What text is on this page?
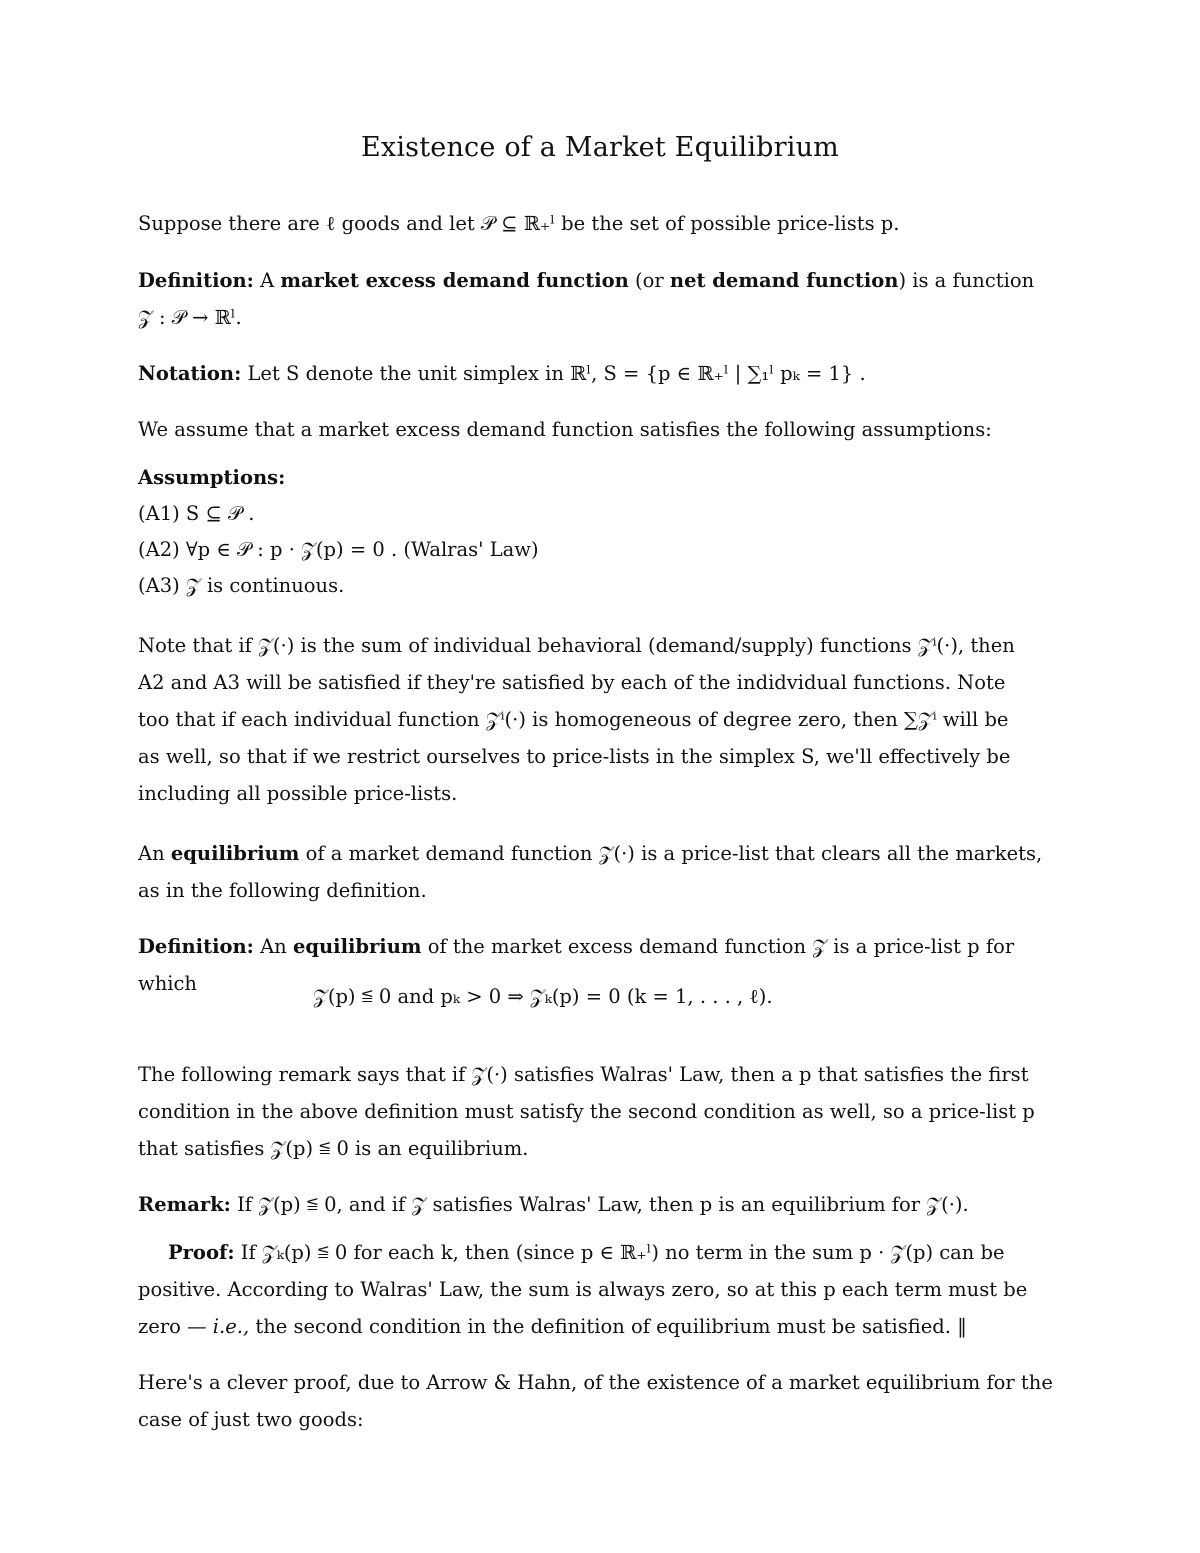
Existence of a Market Equilibrium
Suppose there are ℓ goods and let 𝒫 ⊆ ℝ₊ˡ be the set of possible price-lists p.
Definition: A market excess demand function (or net demand function) is a function
𝒵 : 𝒫 → ℝˡ.
Notation: Let S denote the unit simplex in ℝˡ, S = {p ∈ ℝ₊ˡ | ∑₁ˡ pₖ = 1} .
We assume that a market excess demand function satisfies the following assumptions:
Assumptions:
(A1) S ⊆ 𝒫 .
(A2) ∀p ∈ 𝒫 : p · 𝒵(p) = 0 . (Walras' Law)
(A3) 𝒵 is continuous.
Note that if 𝒵(·) is the sum of individual behavioral (demand/supply) functions 𝒵ⁱ(·), then
A2 and A3 will be satisfied if they're satisfied by each of the indidvidual functions. Note
too that if each individual function 𝒵ⁱ(·) is homogeneous of degree zero, then ∑𝒵ⁱ will be
as well, so that if we restrict ourselves to price-lists in the simplex S, we'll effectively be
including all possible price-lists.
An equilibrium of a market demand function 𝒵(·) is a price-list that clears all the markets,
as in the following definition.
Definition: An equilibrium of the market excess demand function 𝒵 is a price-list p for
which
𝒵(p) ≦ 0 and pₖ > 0 ⇒ 𝒵ₖ(p) = 0 (k = 1, . . . , ℓ).
The following remark says that if 𝒵(·) satisfies Walras' Law, then a p that satisfies the first
condition in the above definition must satisfy the second condition as well, so a price-list p
that satisfies 𝒵(p) ≦ 0 is an equilibrium.
Remark: If 𝒵(p) ≦ 0, and if 𝒵 satisfies Walras' Law, then p is an equilibrium for 𝒵(·).
Proof: If 𝒵ₖ(p) ≦ 0 for each k, then (since p ∈ ℝ₊ˡ) no term in the sum p · 𝒵(p) can be
positive. According to Walras' Law, the sum is always zero, so at this p each term must be
zero — i.e., the second condition in the definition of equilibrium must be satisfied. ‖
Here's a clever proof, due to Arrow & Hahn, of the existence of a market equilibrium for the
case of just two goods:
